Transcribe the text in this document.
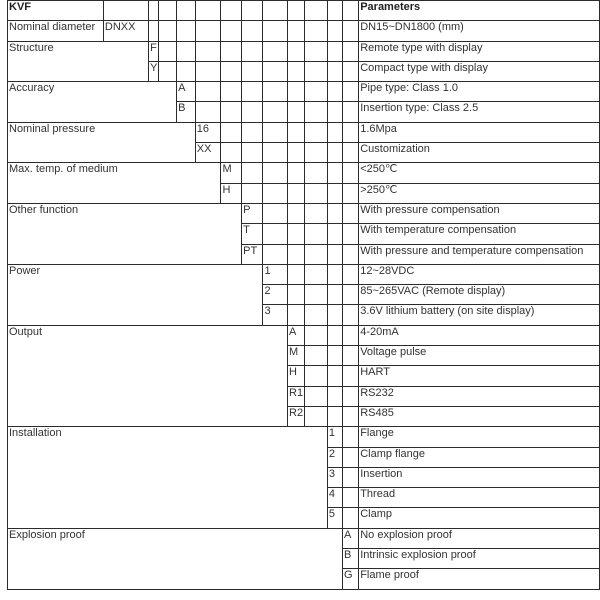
KVF													Parameters
Nominal diameter	DNXX												DN15~DN1800 (mm)
Structure		F											Remote type with display
		Y											Compact type with display
Accuracy				A									Pipe type: Class 1.0
				B									Insertion type: Class 2.5
Nominal pressure					16								1.6Mpa
					XX								Customization
Max. temp. of medium						M							<250℃
						H							>250℃
Other function							P						With pressure compensation
							T						With temperature compensation
							PT						With pressure and temperature compensation
Power								1					12~28VDC
								2					85~265VAC (Remote display)
								3					3.6V lithium battery (on site display)
Output									A				4-20mA
									M				Voltage pulse
									H				HART
									R1				RS232
									R2				RS485
Installation											1		Flange
											2		Clamp flange
											3		Insertion
											4		Thread
											5		Clamp
Explosion proof												A	No explosion proof
												B	Intrinsic explosion proof
												G	Flame proof
